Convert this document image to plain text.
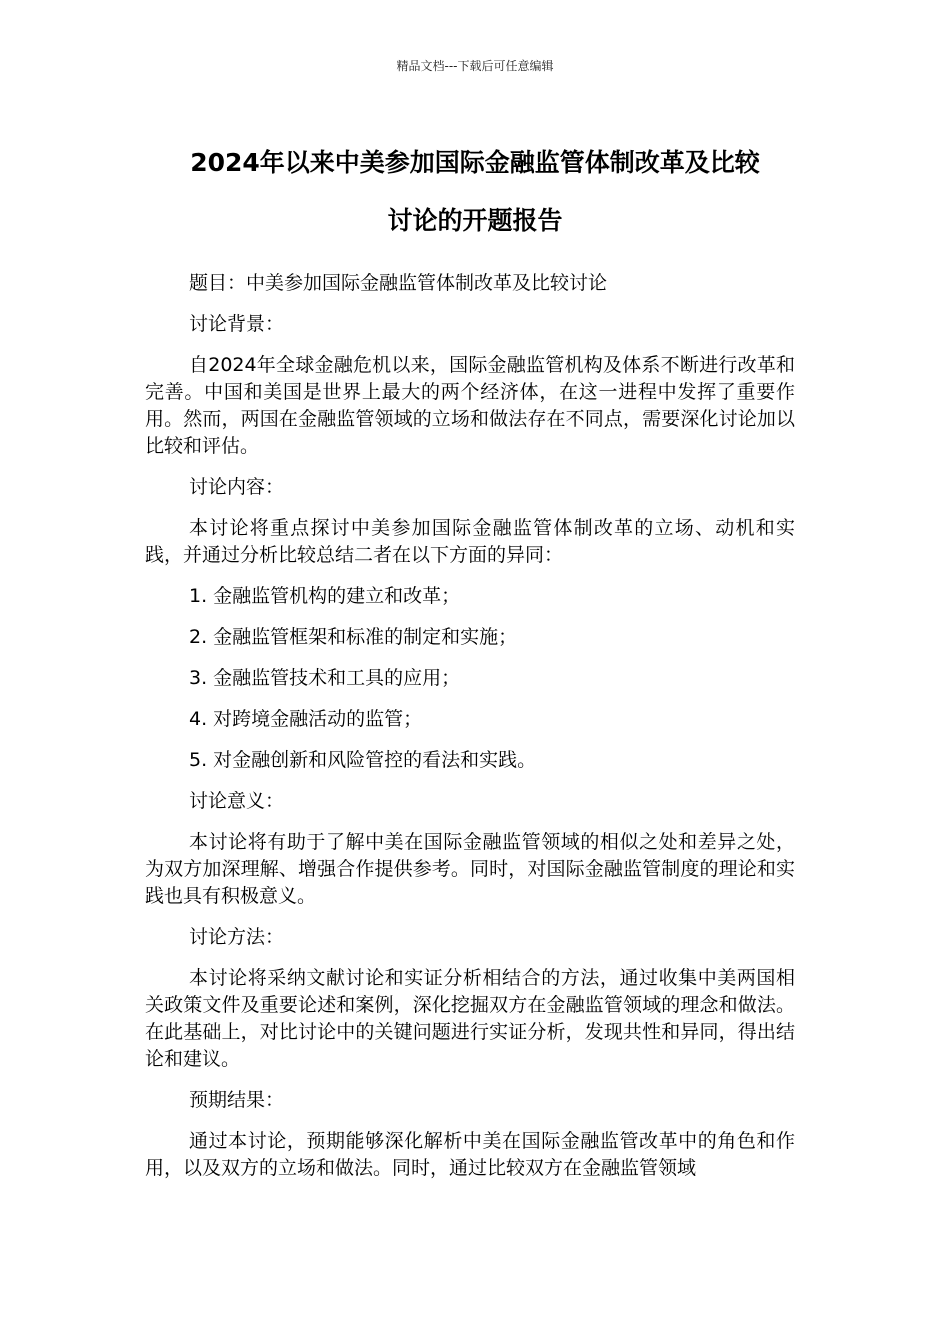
精品文档---下载后可任意编辑
2024年以来中美参加国际金融监管体制改革及比较
讨论的开题报告

题目：中美参加国际金融监管体制改革及比较讨论

讨论背景：

自2024年全球金融危机以来，国际金融监管机构及体系不断进行改革和完善。中国和美国是世界上最大的两个经济体，在这一进程中发挥了重要作用。然而，两国在金融监管领域的立场和做法存在不同点，需要深化讨论加以比较和评估。

讨论内容：

本讨论将重点探讨中美参加国际金融监管体制改革的立场、动机和实践，并通过分析比较总结二者在以下方面的异同：

1. 金融监管机构的建立和改革；

2. 金融监管框架和标准的制定和实施；

3. 金融监管技术和工具的应用；

4. 对跨境金融活动的监管；

5. 对金融创新和风险管控的看法和实践。

讨论意义：

本讨论将有助于了解中美在国际金融监管领域的相似之处和差异之处，为双方加深理解、增强合作提供参考。同时，对国际金融监管制度的理论和实践也具有积极意义。

讨论方法：

本讨论将采纳文献讨论和实证分析相结合的方法，通过收集中美两国相关政策文件及重要论述和案例，深化挖掘双方在金融监管领域的理念和做法。在此基础上，对比讨论中的关键问题进行实证分析，发现共性和异同，得出结论和建议。

预期结果：

通过本讨论，预期能够深化解析中美在国际金融监管改革中的角色和作用，以及双方的立场和做法。同时，通过比较双方在金融监管领域
